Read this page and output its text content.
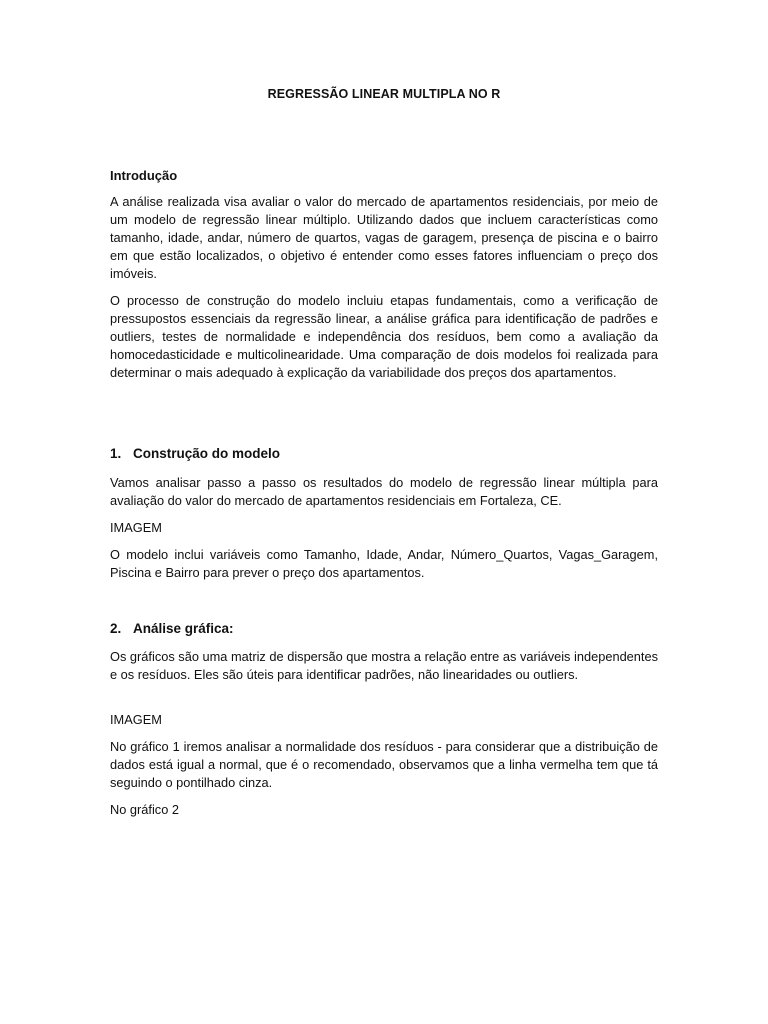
REGRESSÃO LINEAR MULTIPLA NO R
Introdução

A análise realizada visa avaliar o valor do mercado de apartamentos residenciais, por meio de um modelo de regressão linear múltiplo. Utilizando dados que incluem características como tamanho, idade, andar, número de quartos, vagas de garagem, presença de piscina e o bairro em que estão localizados, o objetivo é entender como esses fatores influenciam o preço dos imóveis.

O processo de construção do modelo incluiu etapas fundamentais, como a verificação de pressupostos essenciais da regressão linear, a análise gráfica para identificação de padrões e outliers, testes de normalidade e independência dos resíduos, bem como a avaliação da homocedasticidade e multicolinearidade. Uma comparação de dois modelos foi realizada para determinar o mais adequado à explicação da variabilidade dos preços dos apartamentos.

1. Construção do modelo

Vamos analisar passo a passo os resultados do modelo de regressão linear múltipla para avaliação do valor do mercado de apartamentos residenciais em Fortaleza, CE.

IMAGEM

O modelo inclui variáveis como Tamanho, Idade, Andar, Número_Quartos, Vagas_Garagem, Piscina e Bairro para prever o preço dos apartamentos.

2. Análise gráfica:

Os gráficos são uma matriz de dispersão que mostra a relação entre as variáveis independentes e os resíduos. Eles são úteis para identificar padrões, não linearidades ou outliers.

IMAGEM

No gráfico 1 iremos analisar a normalidade dos resíduos - para considerar que a distribuição de dados está igual a normal, que é o recomendado, observamos que a linha vermelha tem que tá seguindo o pontilhado cinza.

No gráfico 2
